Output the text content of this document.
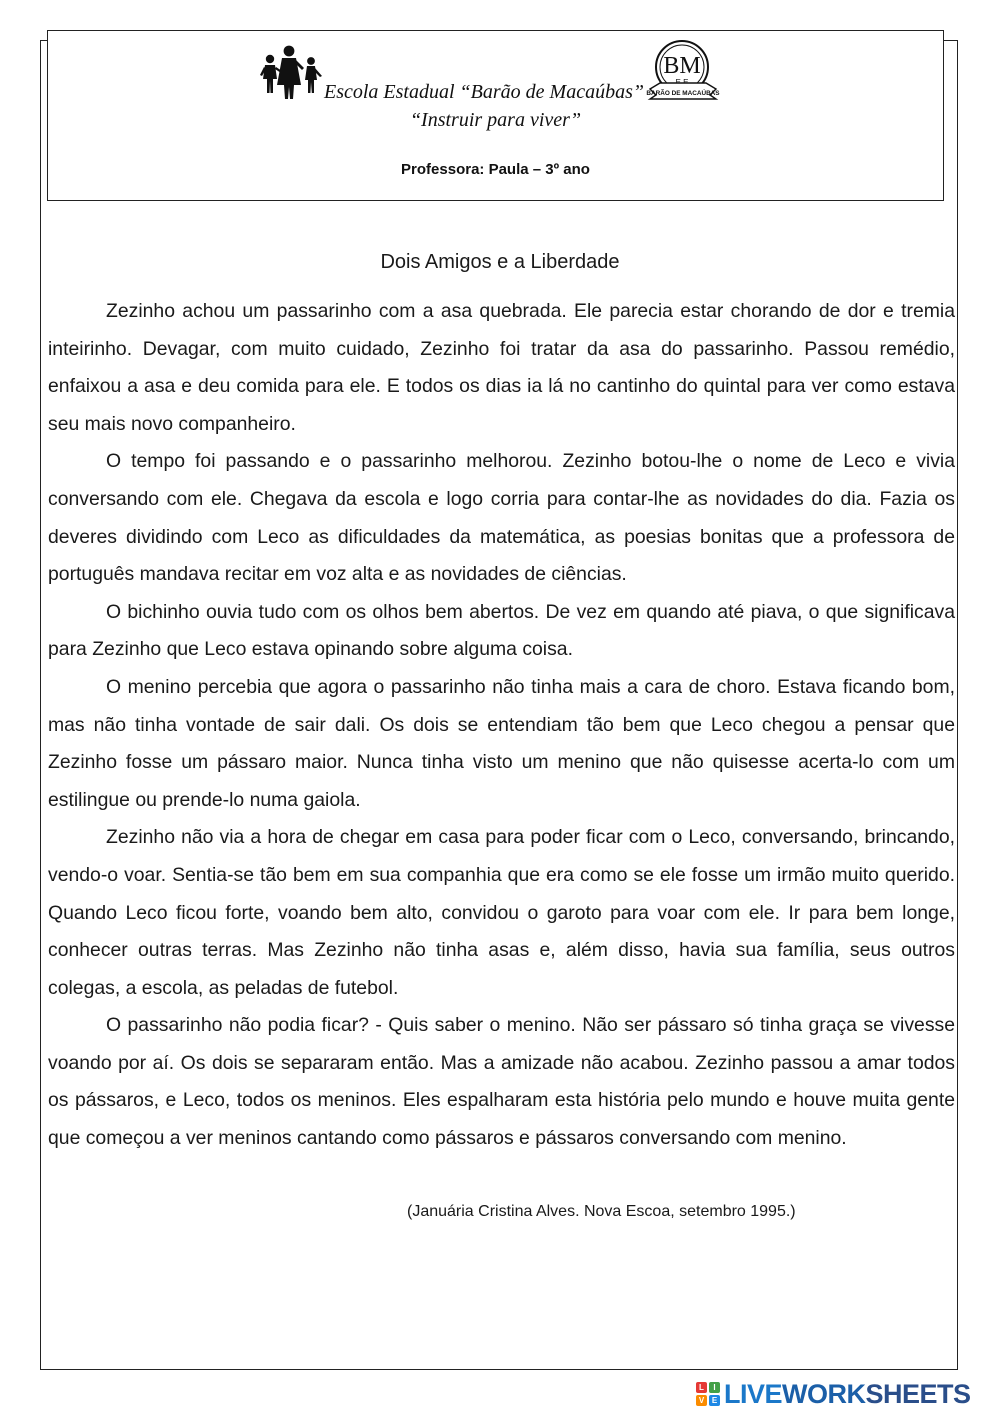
Escola Estadual “Barão de Macaúbas”
BM
BARÃO DE MACAÚBAS
“Instruir para viver”
Professora: Paula – 3º ano
Dois Amigos e a Liberdade

Zezinho achou um passarinho com a asa quebrada. Ele parecia estar chorando de dor e tremia inteirinho. Devagar, com muito cuidado, Zezinho foi tratar da asa do passarinho. Passou remédio, enfaixou a asa e deu comida para ele. E todos os dias ia lá no cantinho do quintal para ver como estava seu mais novo companheiro.

O tempo foi passando e o passarinho melhorou. Zezinho botou-lhe o nome de Leco e vivia conversando com ele. Chegava da escola e logo corria para contar-lhe as novidades do dia. Fazia os deveres dividindo com Leco as dificuldades da matemática, as poesias bonitas que a professora de português mandava recitar em voz alta e as novidades de ciências.

O bichinho ouvia tudo com os olhos bem abertos. De vez em quando até piava, o que significava para Zezinho que Leco estava opinando sobre alguma coisa.

O menino percebia que agora o passarinho não tinha mais a cara de choro. Estava ficando bom, mas não tinha vontade de sair dali. Os dois se entendiam tão bem que Leco chegou a pensar que Zezinho fosse um pássaro maior. Nunca tinha visto um menino que não quisesse acerta-lo com um estilingue ou prende-lo numa gaiola.

Zezinho não via a hora de chegar em casa para poder ficar com o Leco, conversando, brincando, vendo-o voar. Sentia-se tão bem em sua companhia que era como se ele fosse um irmão muito querido. Quando Leco ficou forte, voando bem alto, convidou o garoto para voar com ele. Ir para bem longe, conhecer outras terras. Mas Zezinho não tinha asas e, além disso, havia sua família, seus outros colegas, a escola, as peladas de futebol.

O passarinho não podia ficar? - Quis saber o menino. Não ser pássaro só tinha graça se vivesse voando por aí. Os dois se separaram então. Mas a amizade não acabou. Zezinho passou a amar todos os pássaros, e Leco, todos os meninos. Eles espalharam esta história pelo mundo e houve muita gente que começou a ver meninos cantando como pássaros e pássaros conversando com menino.

(Januária Cristina Alves. Nova Escoa, setembro 1995.)
L	I
V E LIVEWORKSHEETS
